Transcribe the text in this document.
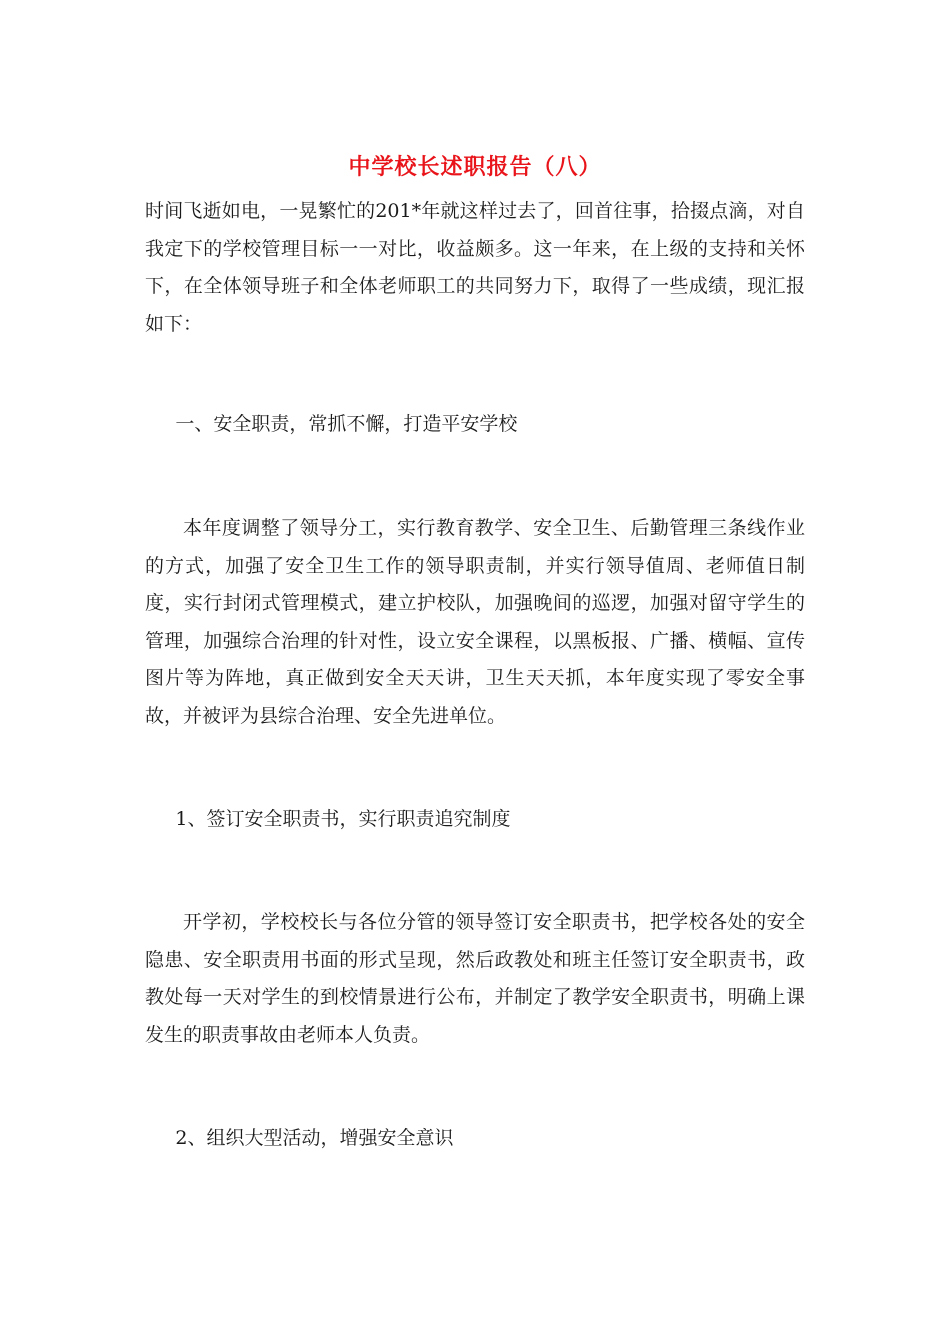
中学校长述职报告（八）

时间飞逝如电，一晃繁忙的201*年就这样过去了，回首往事，拾掇点滴，对自我定下的学校管理目标一一对比，收益颇多。这一年来，在上级的支持和关怀下，在全体领导班子和全体老师职工的共同努力下，取得了一些成绩，现汇报如下：

一、安全职责，常抓不懈，打造平安学校

本年度调整了领导分工，实行教育教学、安全卫生、后勤管理三条线作业的方式，加强了安全卫生工作的领导职责制，并实行领导值周、老师值日制度，实行封闭式管理模式，建立护校队，加强晚间的巡逻，加强对留守学生的管理，加强综合治理的针对性，设立安全课程，以黑板报、广播、横幅、宣传图片等为阵地，真正做到安全天天讲，卫生天天抓，本年度实现了零安全事故，并被评为县综合治理、安全先进单位。

1、签订安全职责书，实行职责追究制度

开学初，学校校长与各位分管的领导签订安全职责书，把学校各处的安全隐患、安全职责用书面的形式呈现，然后政教处和班主任签订安全职责书，政教处每一天对学生的到校情景进行公布，并制定了教学安全职责书，明确上课发生的职责事故由老师本人负责。

2、组织大型活动，增强安全意识
